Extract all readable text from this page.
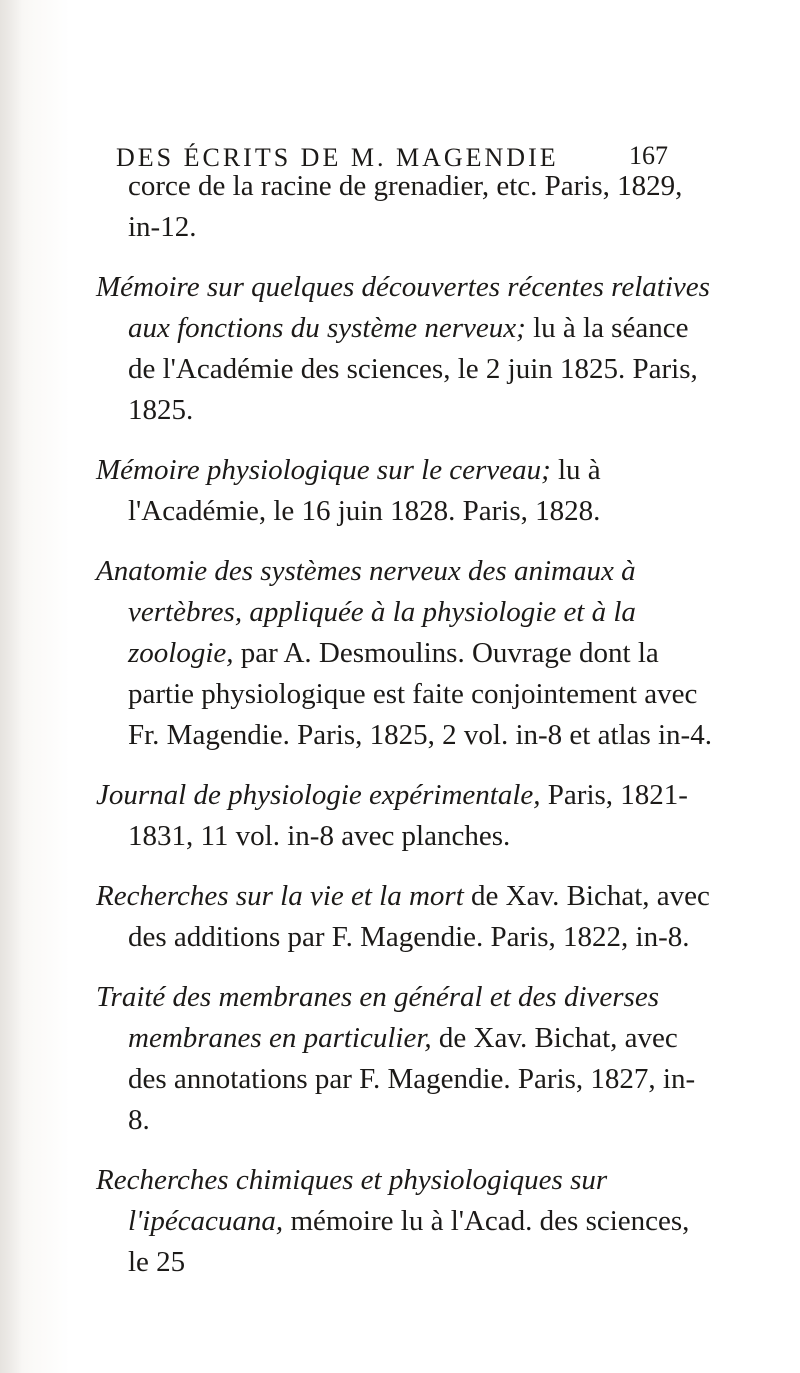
DES ÉCRITS DE M. MAGENDIE	167

corce de la racine de grenadier, etc. Paris, 1829, in-12.

Mémoire sur quelques découvertes récentes relatives aux fonctions du système nerveux; lu à la séance de l'Académie des sciences, le 2 juin 1825. Paris, 1825.

Mémoire physiologique sur le cerveau; lu à l'Académie, le 16 juin 1828. Paris, 1828.

Anatomie des systèmes nerveux des animaux à vertèbres, appliquée à la physiologie et à la zoologie, par A. Desmoulins. Ouvrage dont la partie physiologique est faite conjointement avec Fr. Magendie. Paris, 1825, 2 vol. in-8 et atlas in-4.

Journal de physiologie expérimentale, Paris, 1821-1831, 11 vol. in-8 avec planches.

Recherches sur la vie et la mort de Xav. Bichat, avec des additions par F. Magendie. Paris, 1822, in-8.

Traité des membranes en général et des diverses membranes en particulier, de Xav. Bichat, avec des annotations par F. Magendie. Paris, 1827, in-8.

Recherches chimiques et physiologiques sur l'ipécacuana, mémoire lu à l'Acad. des sciences, le 25
